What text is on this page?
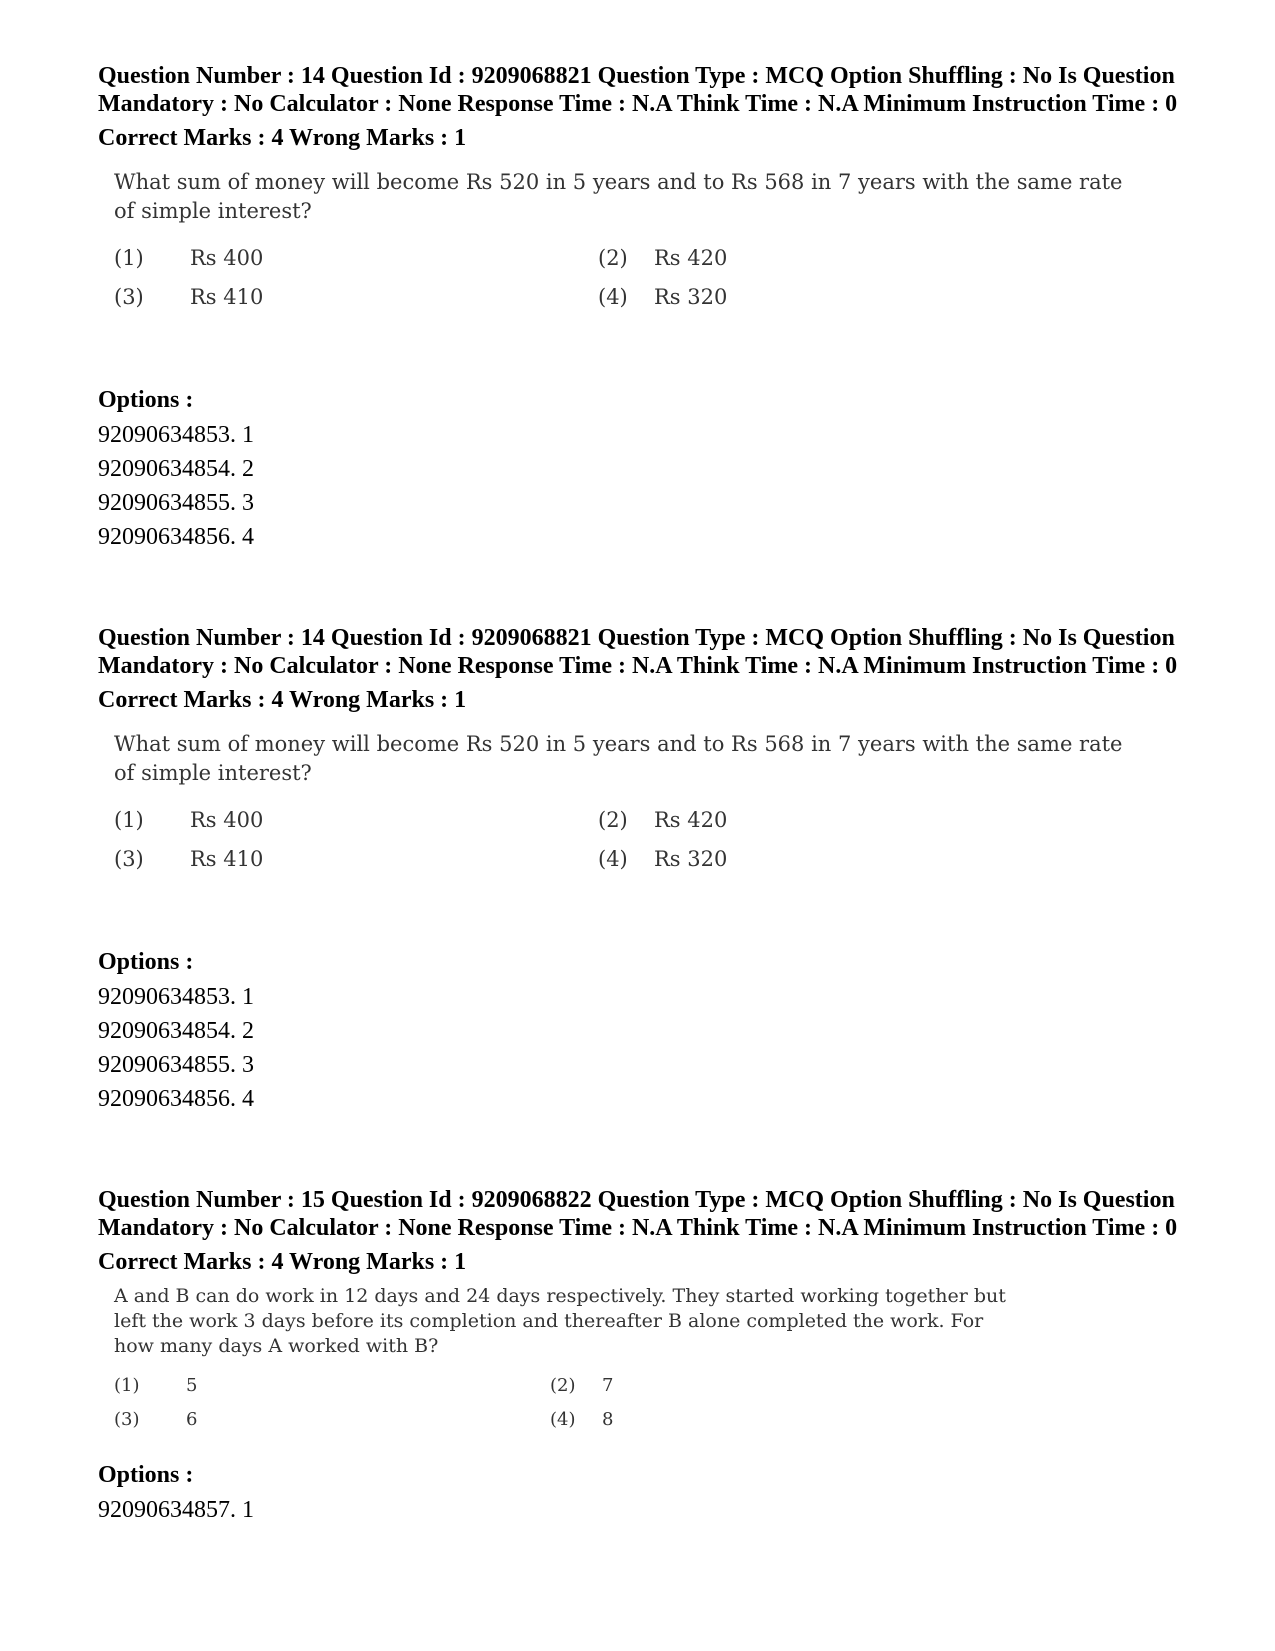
Question Number : 14 Question Id : 9209068821 Question Type : MCQ Option Shuffling : No Is Question Mandatory : No Calculator : None Response Time : N.A Think Time : N.A Minimum Instruction Time : 0

Correct Marks : 4 Wrong Marks : 1

What sum of money will become Rs 520 in 5 years and to Rs 568 in 7 years with the same rate of simple interest?

(1) Rs 400	(2) Rs 420
(3) Rs 410	(4) Rs 320

Options :

92090634853. 1

92090634854. 2

92090634855. 3

92090634856. 4

Question Number : 14 Question Id : 9209068821 Question Type : MCQ Option Shuffling : No Is Question Mandatory : No Calculator : None Response Time : N.A Think Time : N.A Minimum Instruction Time : 0

Correct Marks : 4 Wrong Marks : 1

What sum of money will become Rs 520 in 5 years and to Rs 568 in 7 years with the same rate of simple interest?

(1) Rs 400	(2) Rs 420
(3) Rs 410	(4) Rs 320

Options :

92090634853. 1

92090634854. 2

92090634855. 3

92090634856. 4

Question Number : 15 Question Id : 9209068822 Question Type : MCQ Option Shuffling : No Is Question Mandatory : No Calculator : None Response Time : N.A Think Time : N.A Minimum Instruction Time : 0

Correct Marks : 4 Wrong Marks : 1

A and B can do work in 12 days and 24 days respectively. They started working together but left the work 3 days before its completion and thereafter B alone completed the work. For how many days A worked with B?

(1)	5	(2) 7
(3)	6	(4) 8

Options :

92090634857. 1
